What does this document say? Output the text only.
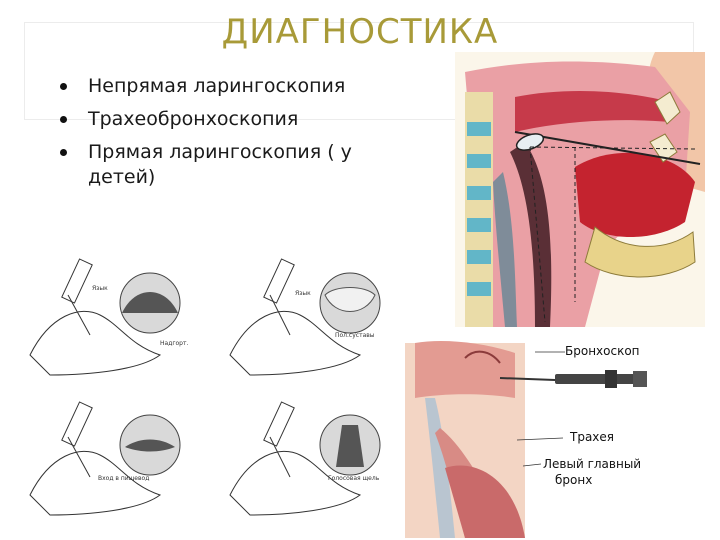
ДИАГНОСТИКА
Непрямая ларингоскопия
Трахеобронхоскопия
Прямая ларингоскопия ( у детей)
Язык
Надгорт.
Язык
Пол.суставы
Вход в пищевод	Голосовая щель
Бронхоскоп
Трахея
Левый главный
бронх
